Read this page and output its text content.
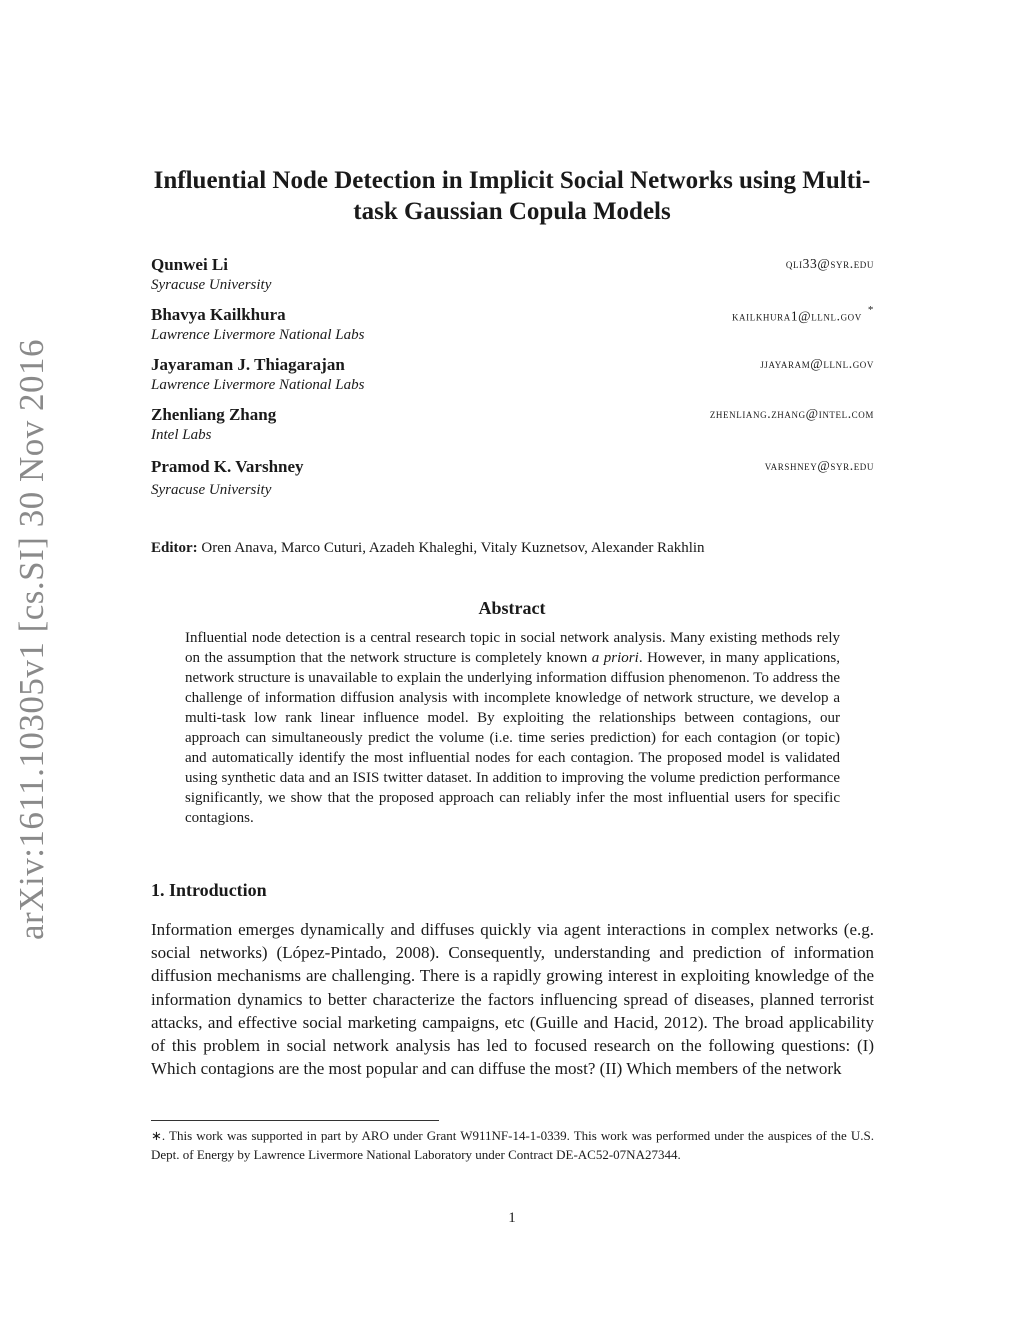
arXiv:1611.10305v1 [cs.SI] 30 Nov 2016
Influential Node Detection in Implicit Social Networks using Multi-task Gaussian Copula Models
Qunwei Li
Syracuse University
qli33@syr.edu
Bhavya Kailkhura
Lawrence Livermore National Labs
kailkhura1@llnl.gov *
Jayaraman J. Thiagarajan
Lawrence Livermore National Labs
jjayaram@llnl.gov
Zhenliang Zhang
Intel Labs
zhenliang.zhang@intel.com
Pramod K. Varshney
Syracuse University
varshney@syr.edu
Editor: Oren Anava, Marco Cuturi, Azadeh Khaleghi, Vitaly Kuznetsov, Alexander Rakhlin
Abstract

Influential node detection is a central research topic in social network analysis. Many existing methods rely on the assumption that the network structure is completely known a priori. However, in many applications, network structure is unavailable to explain the underlying information diffusion phenomenon. To address the challenge of information diffusion analysis with incomplete knowledge of network structure, we develop a multi-task low rank linear influence model. By exploiting the relationships between contagions, our approach can simultaneously predict the volume (i.e. time series prediction) for each contagion (or topic) and automatically identify the most influential nodes for each contagion. The proposed model is validated using synthetic data and an ISIS twitter dataset. In addition to improving the volume prediction performance significantly, we show that the proposed approach can reliably infer the most influential users for specific contagions.

1. Introduction

Information emerges dynamically and diffuses quickly via agent interactions in complex networks (e.g. social networks) (López-Pintado, 2008). Consequently, understanding and prediction of information diffusion mechanisms are challenging. There is a rapidly growing interest in exploiting knowledge of the information dynamics to better characterize the factors influencing spread of diseases, planned terrorist attacks, and effective social marketing campaigns, etc (Guille and Hacid, 2012). The broad applicability of this problem in social network analysis has led to focused research on the following questions: (I) Which contagions are the most popular and can diffuse the most? (II) Which members of the network

∗. This work was supported in part by ARO under Grant W911NF-14-1-0339. This work was performed under the auspices of the U.S. Dept. of Energy by Lawrence Livermore National Laboratory under Contract DE-AC52-07NA27344.

1
